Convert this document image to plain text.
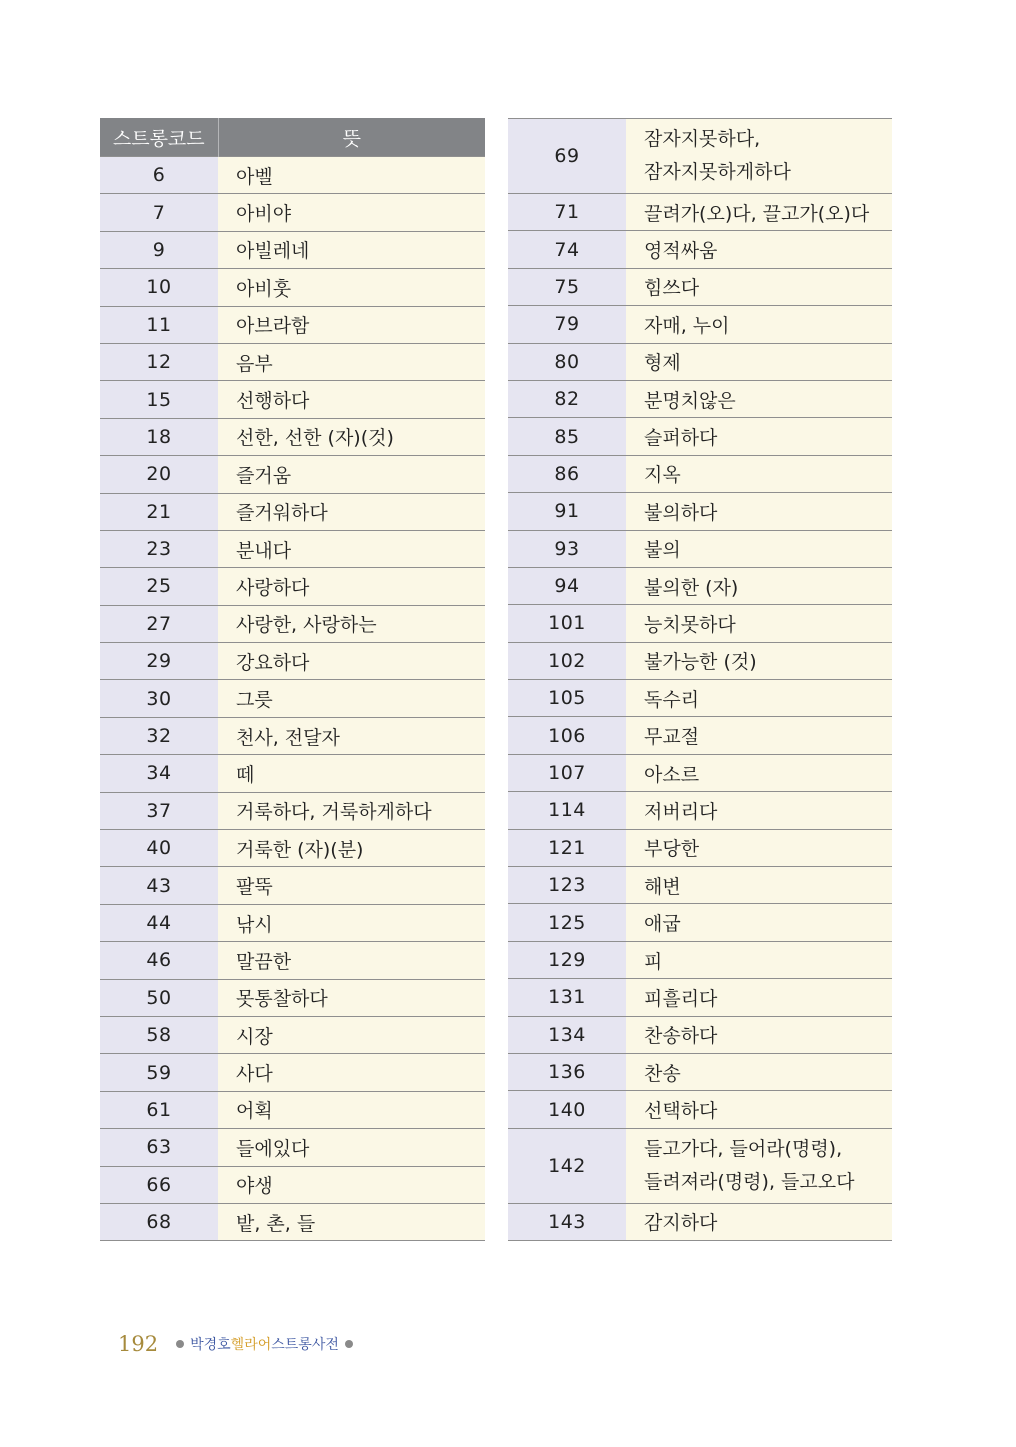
스트롱코드	뜻
6	아벨
7	아비야
9	아빌레네
10	아비훗
11	아브라함
12	음부
15	선행하다
18	선한, 선한 (자)(것)
20	즐거움
21	즐거워하다
23	분내다
25	사랑하다
27	사랑한, 사랑하는
29	강요하다
30	그릇
32	천사, 전달자
34	떼
37	거룩하다, 거룩하게하다
40	거룩한 (자)(분)
43	팔뚝
44	낚시
46	말끔한
50	못통찰하다
58	시장
59	사다
61	어획
63	들에있다
66	야생
68	밭, 촌, 들
69	잠자지못하다,
잠자지못하게하다

71	끌려가(오)다, 끌고가(오)다
74	영적싸움
75	힘쓰다
79	자매, 누이
80	형제
82	분명치않은
85	슬퍼하다
86	지옥
91	불의하다
93	불의
94	불의한 (자)
101	능치못하다
102	불가능한 (것)
105	독수리
106	무교절
107	아소르
114	저버리다
121	부당한
123	해변
125	애굽
129	피
131	피흘리다
134	찬송하다
136	찬송
140	선택하다
142	들고가다, 들어라(명령),
들려져라(명령), 들고오다

143	감지하다
192 박경호헬라어스트롱사전
